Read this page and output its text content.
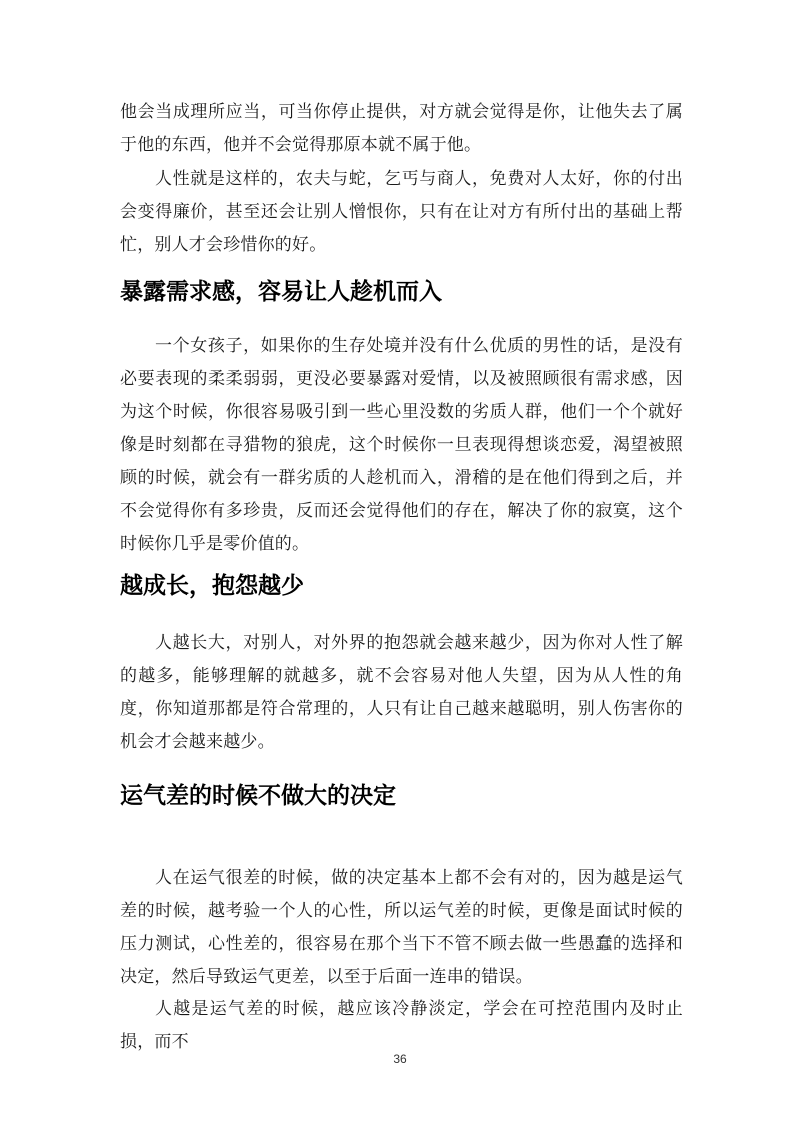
他会当成理所应当，可当你停止提供，对方就会觉得是你，让他失去了属于他的东西，他并不会觉得那原本就不属于他。

人性就是这样的，农夫与蛇，乞丐与商人，免费对人太好，你的付出会变得廉价，甚至还会让别人憎恨你，只有在让对方有所付出的基础上帮忙，别人才会珍惜你的好。

暴露需求感，容易让人趁机而入

一个女孩子，如果你的生存处境并没有什么优质的男性的话，是没有必要表现的柔柔弱弱，更没必要暴露对爱情，以及被照顾很有需求感，因为这个时候，你很容易吸引到一些心里没数的劣质人群，他们一个个就好像是时刻都在寻猎物的狼虎，这个时候你一旦表现得想谈恋爱，渴望被照顾的时候，就会有一群劣质的人趁机而入，滑稽的是在他们得到之后，并不会觉得你有多珍贵，反而还会觉得他们的存在，解决了你的寂寞，这个时候你几乎是零价值的。

越成长，抱怨越少

人越长大，对别人，对外界的抱怨就会越来越少，因为你对人性了解的越多，能够理解的就越多，就不会容易对他人失望，因为从人性的角度，你知道那都是符合常理的，人只有让自己越来越聪明，别人伤害你的机会才会越来越少。

运气差的时候不做大的决定

人在运气很差的时候，做的决定基本上都不会有对的，因为越是运气差的时候，越考验一个人的心性，所以运气差的时候，更像是面试时候的压力测试，心性差的，很容易在那个当下不管不顾去做一些愚蠢的选择和决定，然后导致运气更差，以至于后面一连串的错误。

人越是运气差的时候，越应该冷静淡定，学会在可控范围内及时止损，而不

36
